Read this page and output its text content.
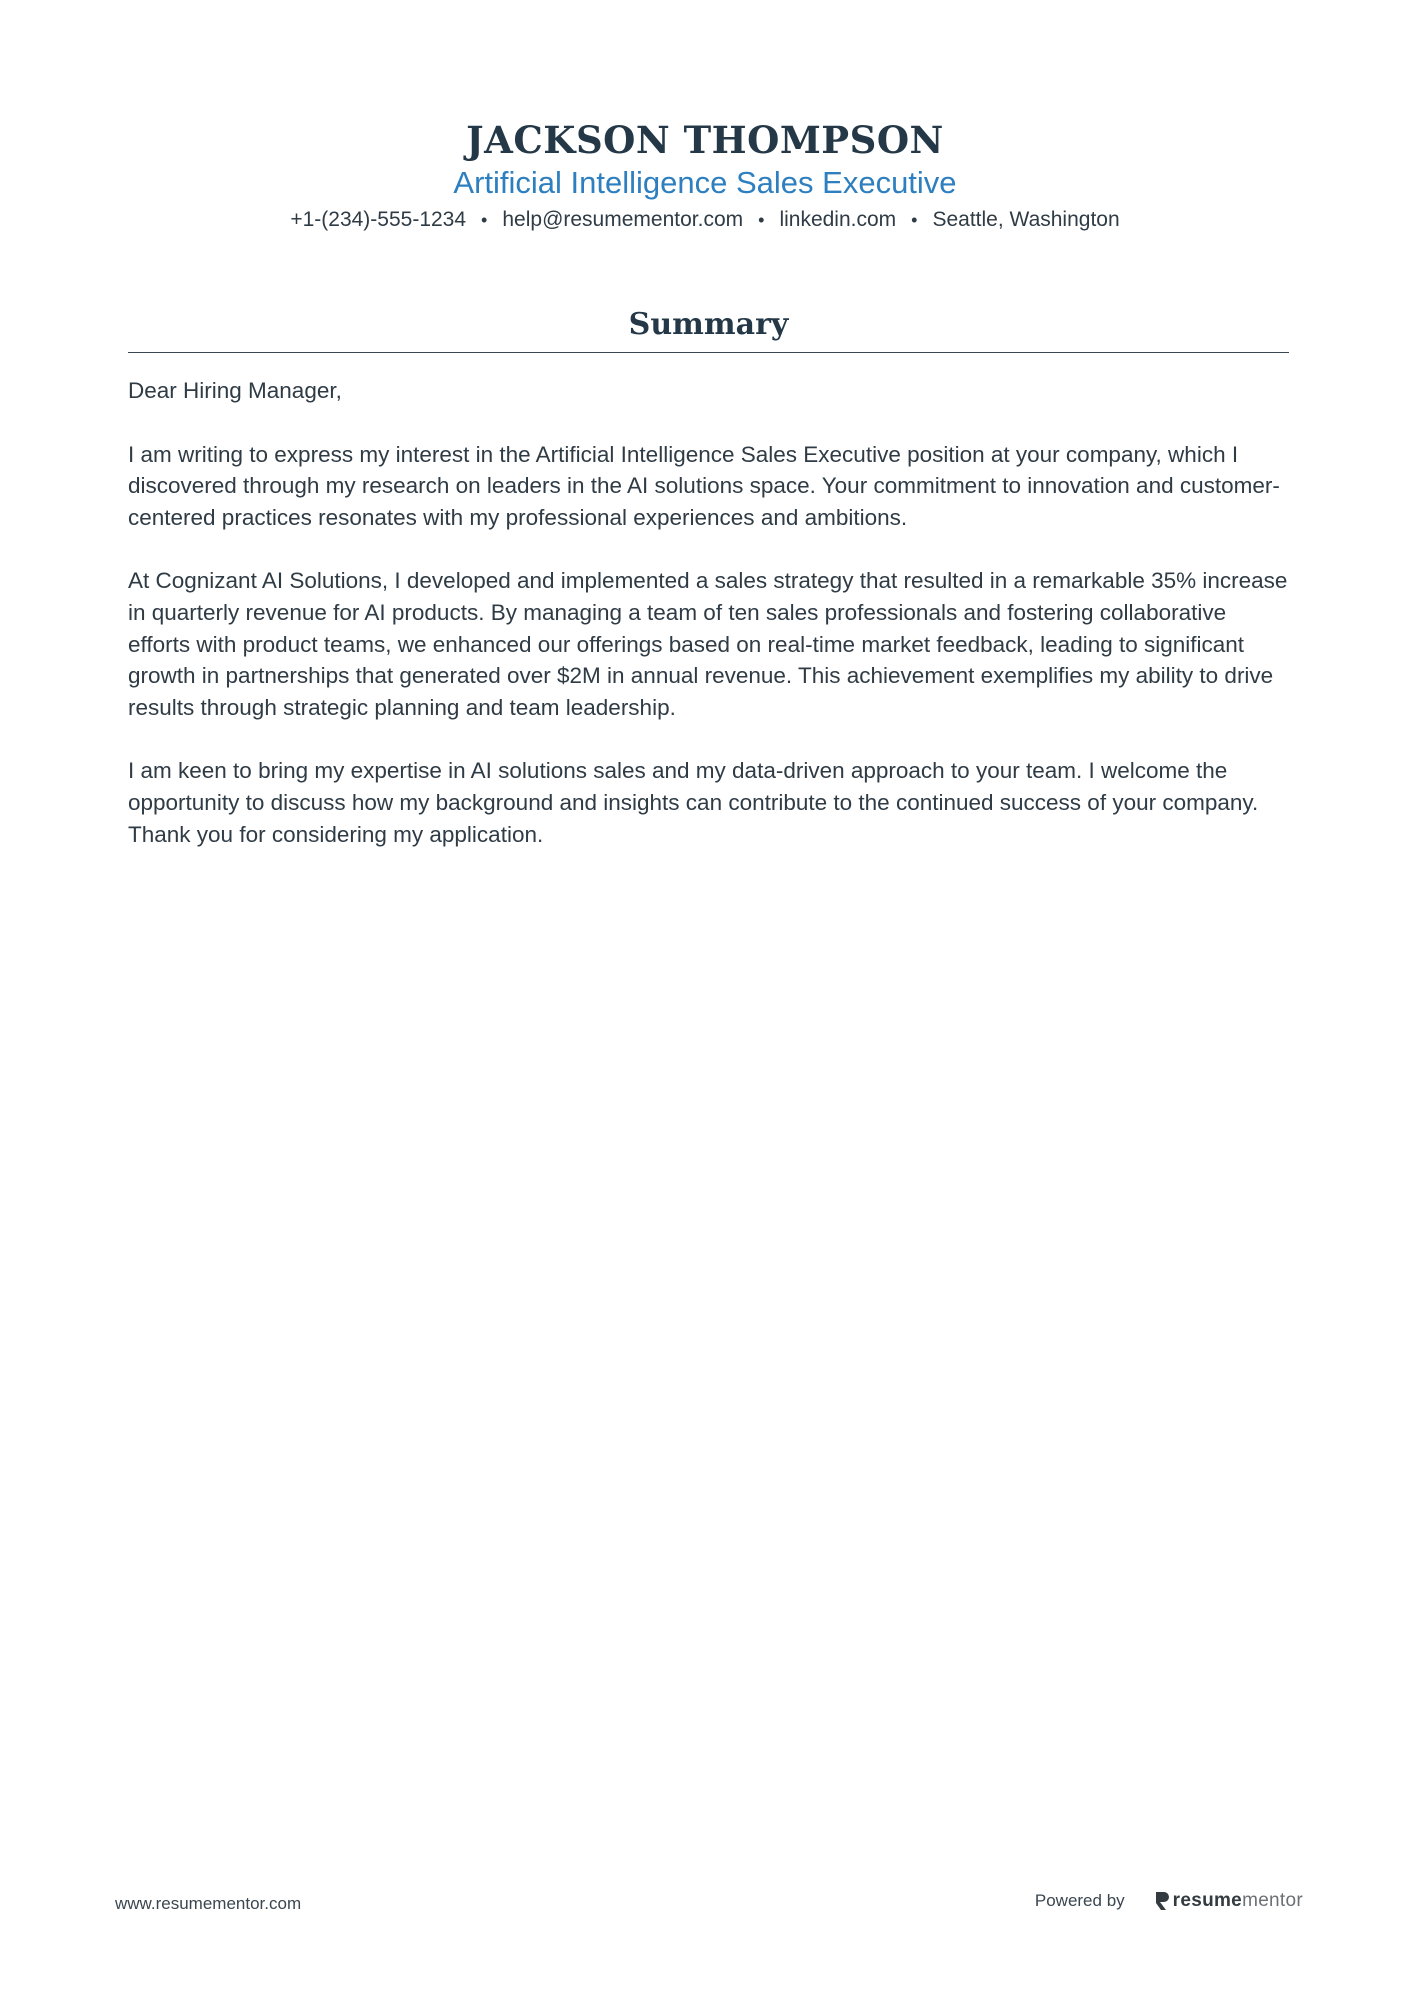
JACKSON THOMPSON
Artificial Intelligence Sales Executive
+1-(234)-555-1234 • help@resumementor.com • linkedin.com • Seattle, Washington
Summary

Dear Hiring Manager,

I am writing to express my interest in the Artificial Intelligence Sales Executive position at your company, which I discovered through my research on leaders in the AI solutions space. Your commitment to innovation and customer-centered practices resonates with my professional experiences and ambitions.

At Cognizant AI Solutions, I developed and implemented a sales strategy that resulted in a remarkable 35% increase in quarterly revenue for AI products. By managing a team of ten sales professionals and fostering collaborative efforts with product teams, we enhanced our offerings based on real-time market feedback, leading to significant growth in partnerships that generated over $2M in annual revenue. This achievement exemplifies my ability to drive results through strategic planning and team leadership.

I am keen to bring my expertise in AI solutions sales and my data-driven approach to your team. I welcome the opportunity to discuss how my background and insights can contribute to the continued success of your company. Thank you for considering my application.

www.resumementor.com	Powered by	resume mentor
